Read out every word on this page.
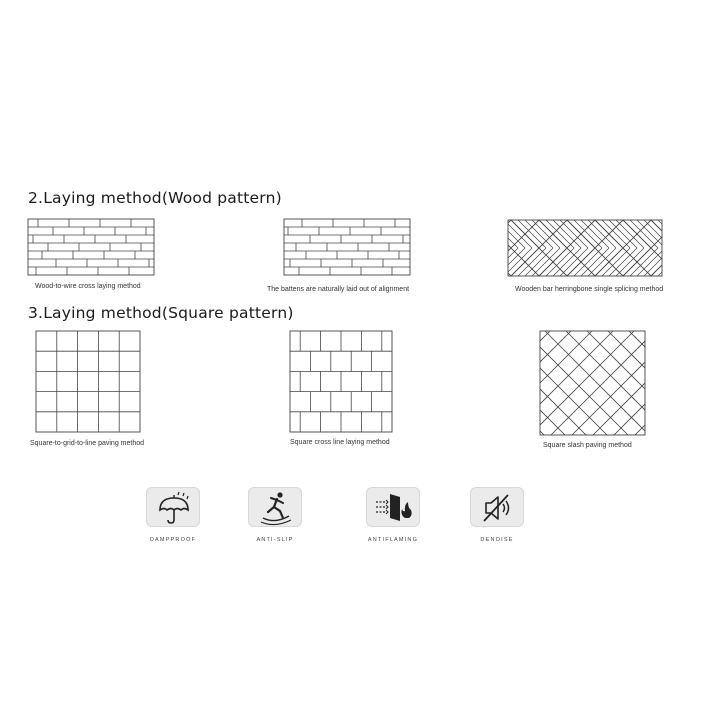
2.Laying method(Wood pattern)
Wood-to-wire cross laying method	The battens are naturally laid out of alignment	Wooden bar herringbone single splicing method
3.Laying method(Square pattern)
Square-to-grid-to-line paving method	Square cross line laying method	Square slash paving method
DAMPPROOF	ANTI-SLIP	ANTIFLAMING	DENOISE
